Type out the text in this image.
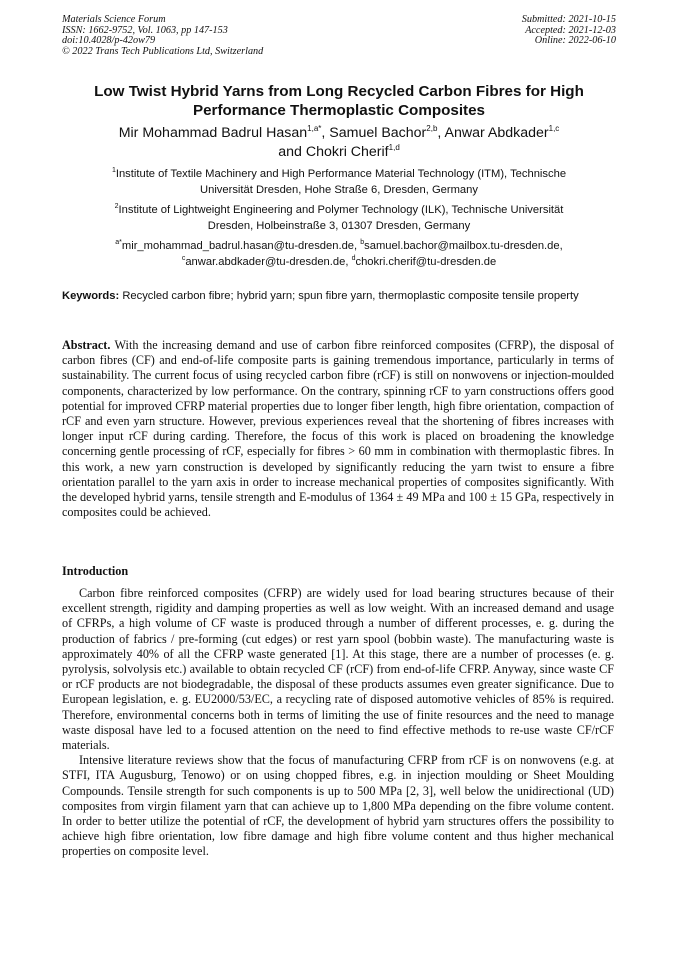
Materials Science Forum
ISSN: 1662-9752, Vol. 1063, pp 147-153
doi:10.4028/p-42ow79
© 2022 Trans Tech Publications Ltd, Switzerland
Submitted: 2021-10-15
Accepted: 2021-12-03
Online: 2022-06-10
Low Twist Hybrid Yarns from Long Recycled Carbon Fibres for High
Performance Thermoplastic Composites
Mir Mohammad Badrul Hasan$^{1,a*}$, Samuel Bachor$^{2,b}$, Anwar Abdkader$^{1,c}$
and Chokri Cherif$^{1,d}$
$^1$Institute of Textile Machinery and High Performance Material Technology (ITM), Technische
Universität Dresden, Hohe Straße 6, Dresden, Germany
$^2$Institute of Lightweight Engineering and Polymer Technology (ILK), Technische Universität
Dresden, Holbeinstraße 3, 01307 Dresden, Germany
$^{a*}$mir_mohammad_badrul.hasan@tu-dresden.de, $^b$samuel.bachor@mailbox.tu-dresden.de,
$^c$anwar.abdkader@tu-dresden.de, $^d$chokri.cherif@tu-dresden.de
Keywords: Recycled carbon fibre; hybrid yarn; spun fibre yarn, thermoplastic composite tensile property
Abstract. With the increasing demand and use of carbon fibre reinforced composites (CFRP), the disposal of carbon fibres (CF) and end-of-life composite parts is gaining tremendous importance, particularly in terms of sustainability. The current focus of using recycled carbon fibre (rCF) is still on nonwovens or injection-moulded components, characterized by low performance. On the contrary, spinning rCF to yarn constructions offers good potential for improved CFRP material properties due to longer fiber length, high fibre orientation, compaction of rCF and even yarn structure. However, previous experiences reveal that the shortening of fibres increases with longer input rCF during carding. Therefore, the focus of this work is placed on broadening the knowledge concerning gentle processing of rCF, especially for fibres > 60 mm in combination with thermoplastic fibres. In this work, a new yarn construction is developed by significantly reducing the yarn twist to ensure a fibre orientation parallel to the yarn axis in order to increase mechanical properties of composites significantly. With the developed hybrid yarns, tensile strength and E-modulus of 1364 ± 49 MPa and 100 ± 15 GPa, respectively in composites could be achieved.
Introduction

Carbon fibre reinforced composites (CFRP) are widely used for load bearing structures because of their excellent strength, rigidity and damping properties as well as low weight. With an increased demand and usage of CFRPs, a high volume of CF waste is produced through a number of different processes, e. g. during the production of fabrics / pre-forming (cut edges) or rest yarn spool (bobbin waste). The manufacturing waste is approximately 40% of all the CFRP waste generated [1]. At this stage, there are a number of processes (e. g. pyrolysis, solvolysis etc.) available to obtain recycled CF (rCF) from end-of-life CFRP. Anyway, since waste CF or rCF products are not biodegradable, the disposal of these products assumes even greater significance. Due to European legislation, e. g. EU2000/53/EC, a recycling rate of disposed automotive vehicles of 85% is required. Therefore, environmental concerns both in terms of limiting the use of finite resources and the need to manage waste disposal have led to a focused attention on the need to find effective methods to re-use waste CF/rCF materials.

Intensive literature reviews show that the focus of manufacturing CFRP from rCF is on nonwovens (e.g. at STFI, ITA Augusburg, Tenowo) or on using chopped fibres, e.g. in injection moulding or Sheet Moulding Compounds. Tensile strength for such components is up to 500 MPa [2, 3], well below the unidirectional (UD) composites from virgin filament yarn that can achieve up to 1,800 MPa depending on the fibre volume content. In order to better utilize the potential of rCF, the development of hybrid yarn structures offers the possibility to achieve high fibre orientation, low fibre damage and high fibre volume content and thus higher mechanical properties on composite level.
